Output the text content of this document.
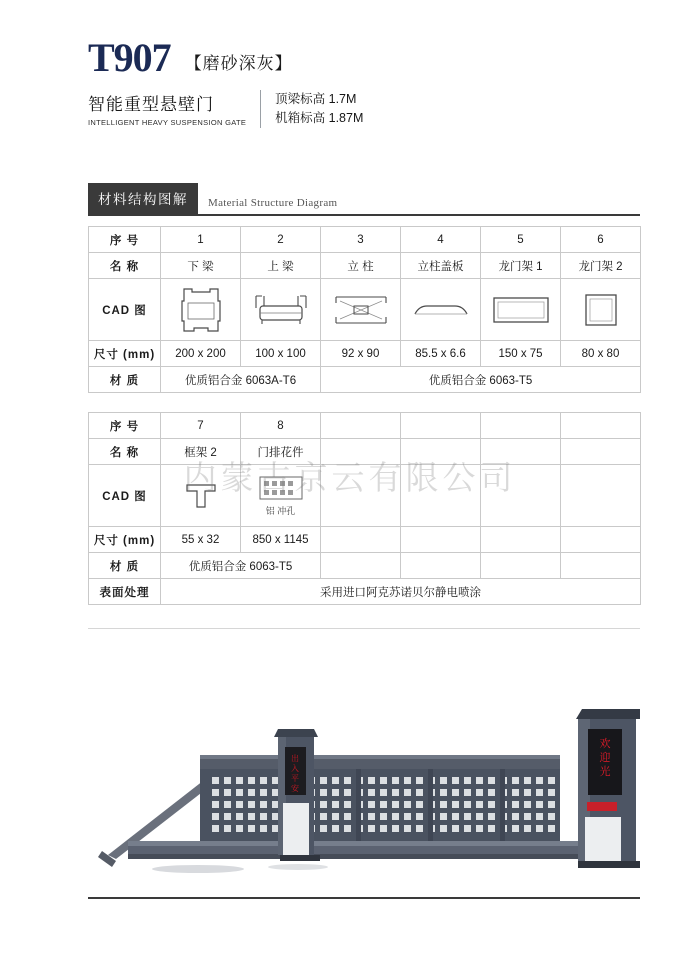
T907 【磨砂深灰】
智能重型悬壁门
INTELLIGENT HEAVY SUSPENSION GATE
顶梁标高 1.7M
机箱标高 1.87M
材料结构图解	Material Structure Diagram
序 号	1	2	3	4	5	6
名 称	下 梁	上 梁	立 柱	立柱盖板	龙门架 1	龙门架 2
CAD 图	

尺寸 (mm)	200 x 200	100 x 100	92 x 90	85.5 x 6.6	150 x 75	80 x 80
材 质	优质铝合金 6063A-T6		优质铝合金 6063-T5			
序 号	7	8				
名 称	框架 2	门排花件				
CAD 图		铝 冲孔				

尺寸 (mm)	55 x 32	850 x 1145				
材 质	优质铝合金 6063-T5					
表面处理	采用进口阿克苏诺贝尔静电喷涂					
内蒙古京云有限公司
出
入
平
安
欢
迎
光
